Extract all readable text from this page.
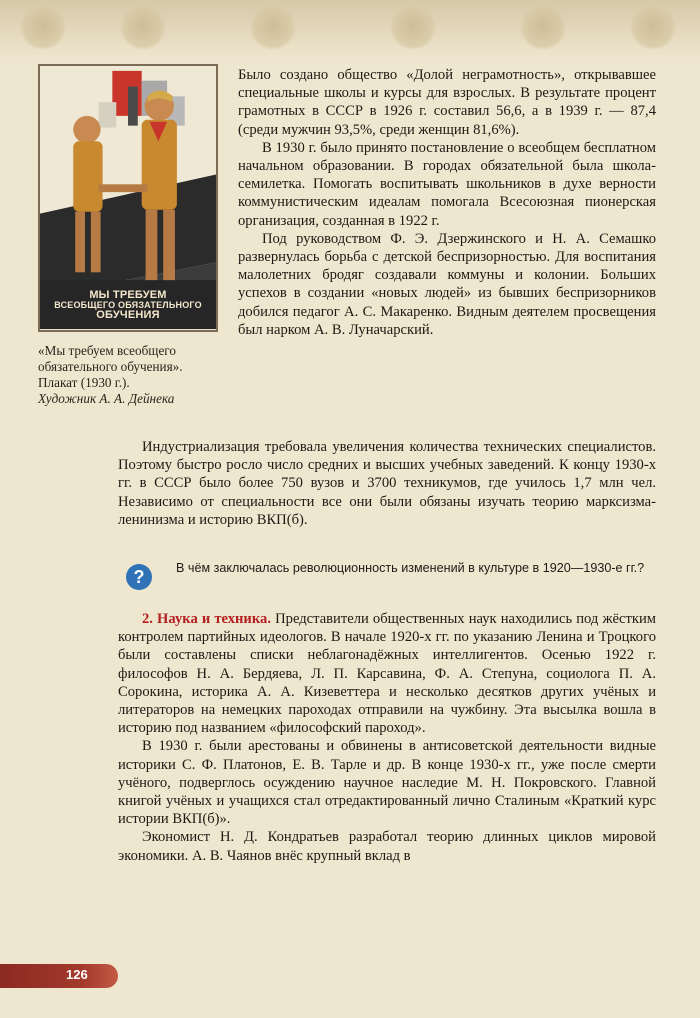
МЫ ТРЕБУЕМ
ВСЕОБЩЕГО ОБЯЗАТЕЛЬНОГО
ОБУЧЕНИЯ
«Мы требуем всеобщего обязательного обучения».
Плакат (1930 г.).
Художник А. А. Дейнека

Было создано общество «Долой неграмотность», открывавшее специальные школы и курсы для взрослых. В результате процент грамотных в СССР в 1926 г. составил 56,6, а в 1939 г. — 87,4 (среди мужчин 93,5%, среди женщин 81,6%).

В 1930 г. было принято постановление о всеобщем бесплатном начальном образовании. В городах обязательной была школа-семилетка. Помогать воспитывать школьников в духе верности коммунистическим идеалам помогала Всесоюзная пионерская организация, созданная в 1922 г.

Под руководством Ф. Э. Дзержинского и Н. А. Семашко развернулась борьба с детской беспризорностью. Для воспитания малолетних бродяг создавали коммуны и колонии. Больших успехов в создании «новых людей» из бывших беспризорников добился педагог А. С. Макаренко. Видным деятелем просвещения был нарком А. В. Луначарский.

Индустриализация требовала увеличения количества технических специалистов. Поэтому быстро росло число средних и высших учебных заведений. К концу 1930-х гг. в СССР было более 750 вузов и 3700 техникумов, где училось 1,7 млн чел. Независимо от специальности все они были обязаны изучать теорию марксизма-ленинизма и историю ВКП(б).

?	В чём заключалась революционность изменений в культуре в 1920—1930-е гг.?

2. Наука и техника. Представители общественных наук находились под жёстким контролем партийных идеологов. В начале 1920-х гг. по указанию Ленина и Троцкого были составлены списки неблагонадёжных интеллигентов. Осенью 1922 г. философов Н. А. Бердяева, Л. П. Карсавина, Ф. А. Степуна, социолога П. А. Сорокина, историка А. А. Кизеветтера и несколько десятков других учёных и литераторов на немецких пароходах отправили на чужбину. Эта высылка вошла в историю под названием «философский пароход».

В 1930 г. были арестованы и обвинены в антисоветской деятельности видные историки С. Ф. Платонов, Е. В. Тарле и др. В конце 1930-х гг., уже после смерти учёного, подверглось осуждению научное наследие М. Н. Покровского. Главной книгой учёных и учащихся стал отредактированный лично Сталиным «Краткий курс истории ВКП(б)».

Экономист Н. Д. Кондратьев разработал теорию длинных циклов мировой экономики. А. В. Чаянов внёс крупный вклад в

126
